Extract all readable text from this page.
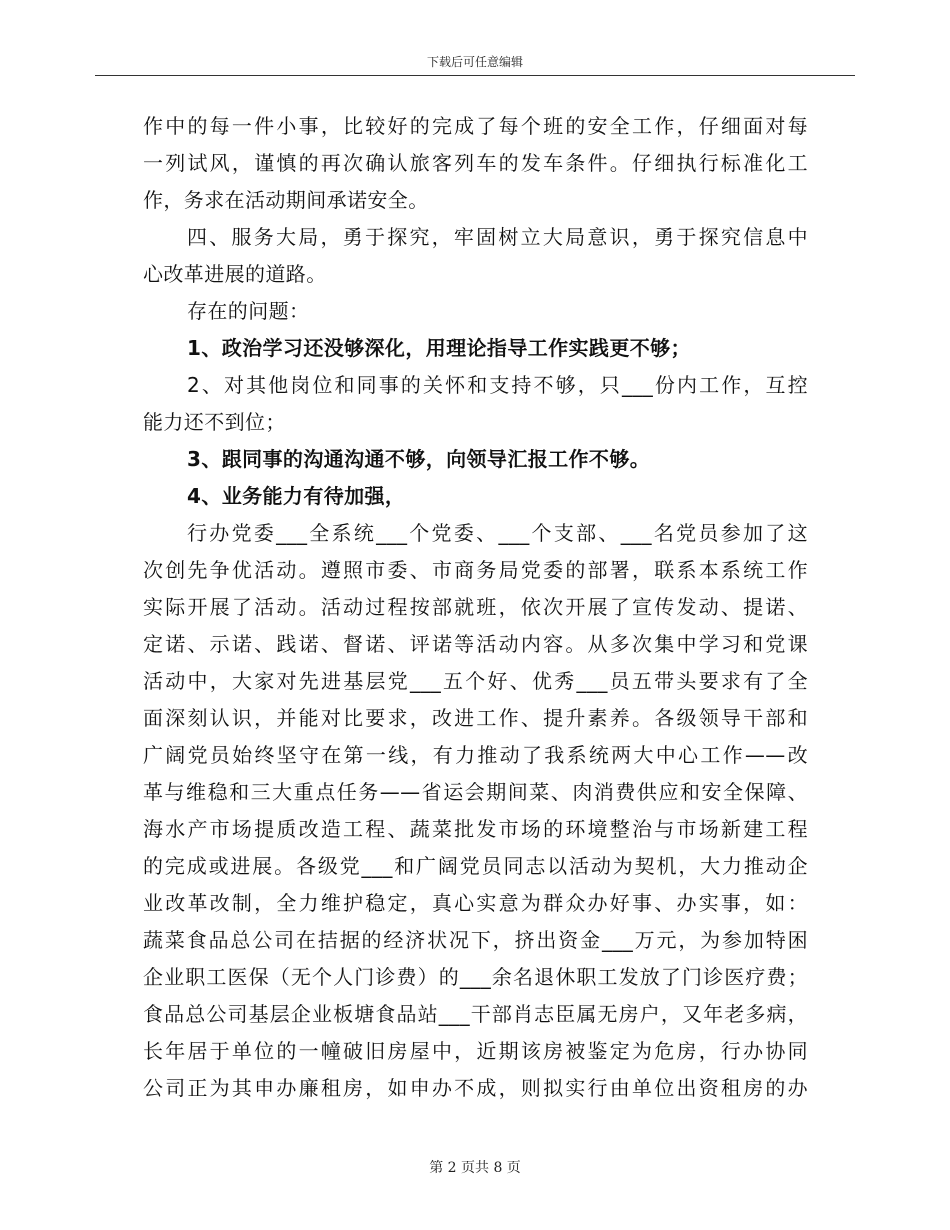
下载后可任意编辑
作中的每一件小事，比较好的完成了每个班的安全工作，仔细面对每
一列试风，谨慎的再次确认旅客列车的发车条件。仔细执行标准化工
作，务求在活动期间承诺安全。
四、服务大局，勇于探究，牢固树立大局意识，勇于探究信息中
心改革进展的道路。
存在的问题：
1、政治学习还没够深化，用理论指导工作实践更不够；
2、对其他岗位和同事的关怀和支持不够，只___份内工作，互控
能力还不到位；
3、跟同事的沟通沟通不够，向领导汇报工作不够。
4、业务能力有待加强，
行办党委___全系统___个党委、___个支部、___名党员参加了这
次创先争优活动。遵照市委、市商务局党委的部署，联系本系统工作
实际开展了活动。活动过程按部就班，依次开展了宣传发动、提诺、
定诺、示诺、践诺、督诺、评诺等活动内容。从多次集中学习和党课
活动中，大家对先进基层党___五个好、优秀___员五带头要求有了全
面深刻认识，并能对比要求，改进工作、提升素养。各级领导干部和
广阔党员始终坚守在第一线，有力推动了我系统两大中心工作——改
革与维稳和三大重点任务——省运会期间菜、肉消费供应和安全保障、
海水产市场提质改造工程、蔬菜批发市场的环境整治与市场新建工程
的完成或进展。各级党___和广阔党员同志以活动为契机，大力推动企
业改革改制，全力维护稳定，真心实意为群众办好事、办实事，如：
蔬菜食品总公司在拮据的经济状况下，挤出资金___万元，为参加特困
企业职工医保（无个人门诊费）的___余名退休职工发放了门诊医疗费；
食品总公司基层企业板塘食品站___干部肖志臣属无房户，又年老多病，
长年居于单位的一幢破旧房屋中，近期该房被鉴定为危房，行办协同
公司正为其申办廉租房，如申办不成，则拟实行由单位出资租房的办
第 2 页共 8 页
